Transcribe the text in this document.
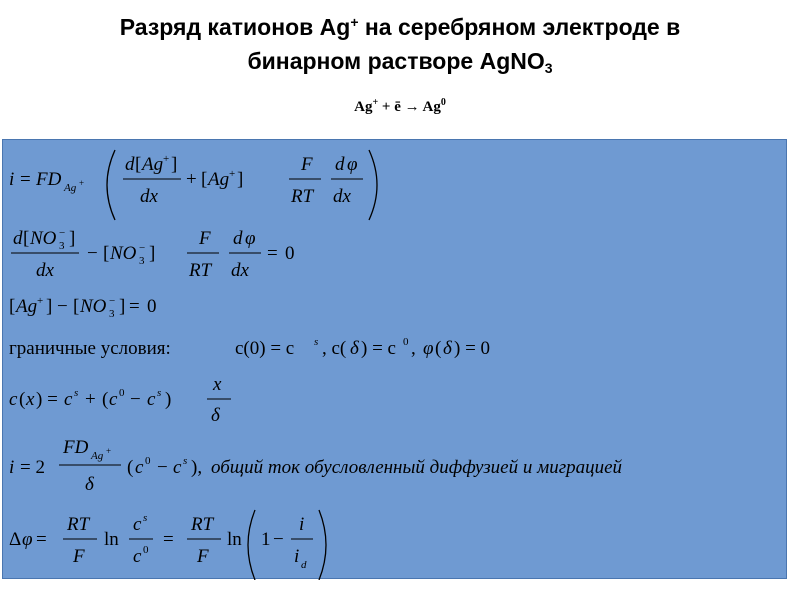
Разряд катионов Ag+ на серебряном электроде в
бинарном растворе AgNO$_3$
Ag+ + ē → $Ag^0$
i = FD Ag +
d [ Ag + ]
dx
+ [ Ag + ]
F
RT
d φ
dx
d [ NO 3
− ]
dx
− [ NO 3
− ]
F
RT
d φ
dx
= 0
[ Ag + ] − [ NO 3
− ] = 0
граничные условия:	c(0) = c s , c( δ ) = c 0 , φ ( δ ) = 0
c ( x ) = c s + ( c 0 − c s )
x
δ
i = 2
FD Ag +
δ
( c 0 − c s ), общий ток обусловленный диффузией и миграцией
Δ φ =
RT
F
ln
c s
c 0 =
RT
F
ln 1 −
i
i d
